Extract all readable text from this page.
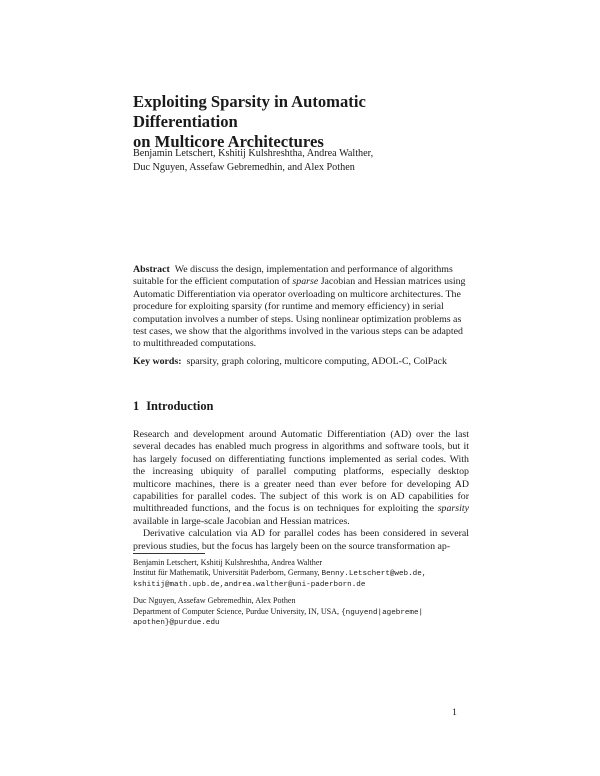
Exploiting Sparsity in Automatic Differentiation
on Multicore Architectures
Benjamin Letschert, Kshitij Kulshreshtha, Andrea Walther,
Duc Nguyen, Assefaw Gebremedhin, and Alex Pothen
Abstract We discuss the design, implementation and performance of algorithms suitable for the efficient computation of sparse Jacobian and Hessian matrices using Automatic Differentiation via operator overloading on multicore architectures. The procedure for exploiting sparsity (for runtime and memory efficiency) in serial computation involves a number of steps. Using nonlinear optimization problems as test cases, we show that the algorithms involved in the various steps can be adapted to multithreaded computations.
Key words: sparsity, graph coloring, multicore computing, ADOL-C, ColPack
1 Introduction

Research and development around Automatic Differentiation (AD) over the last several decades has enabled much progress in algorithms and software tools, but it has largely focused on differentiating functions implemented as serial codes. With the increasing ubiquity of parallel computing platforms, especially desktop multicore machines, there is a greater need than ever before for developing AD capabilities for parallel codes. The subject of this work is on AD capabilities for multithreaded functions, and the focus is on techniques for exploiting the sparsity available in large-scale Jacobian and Hessian matrices.

Derivative calculation via AD for parallel codes has been considered in several previous studies, but the focus has largely been on the source transformation ap-

Benjamin Letschert, Kshitij Kulshreshtha, Andrea Walther
Institut für Mathematik, Universität Paderborn, Germany, Benny.Letschert@web.de,
kshitij@math.upb.de,andrea.walther@uni-paderborn.de
Duc Nguyen, Assefaw Gebremedhin, Alex Pothen
Department of Computer Science, Purdue University, IN, USA, {nguyend|agebreme|
apothen}@purdue.edu
1
